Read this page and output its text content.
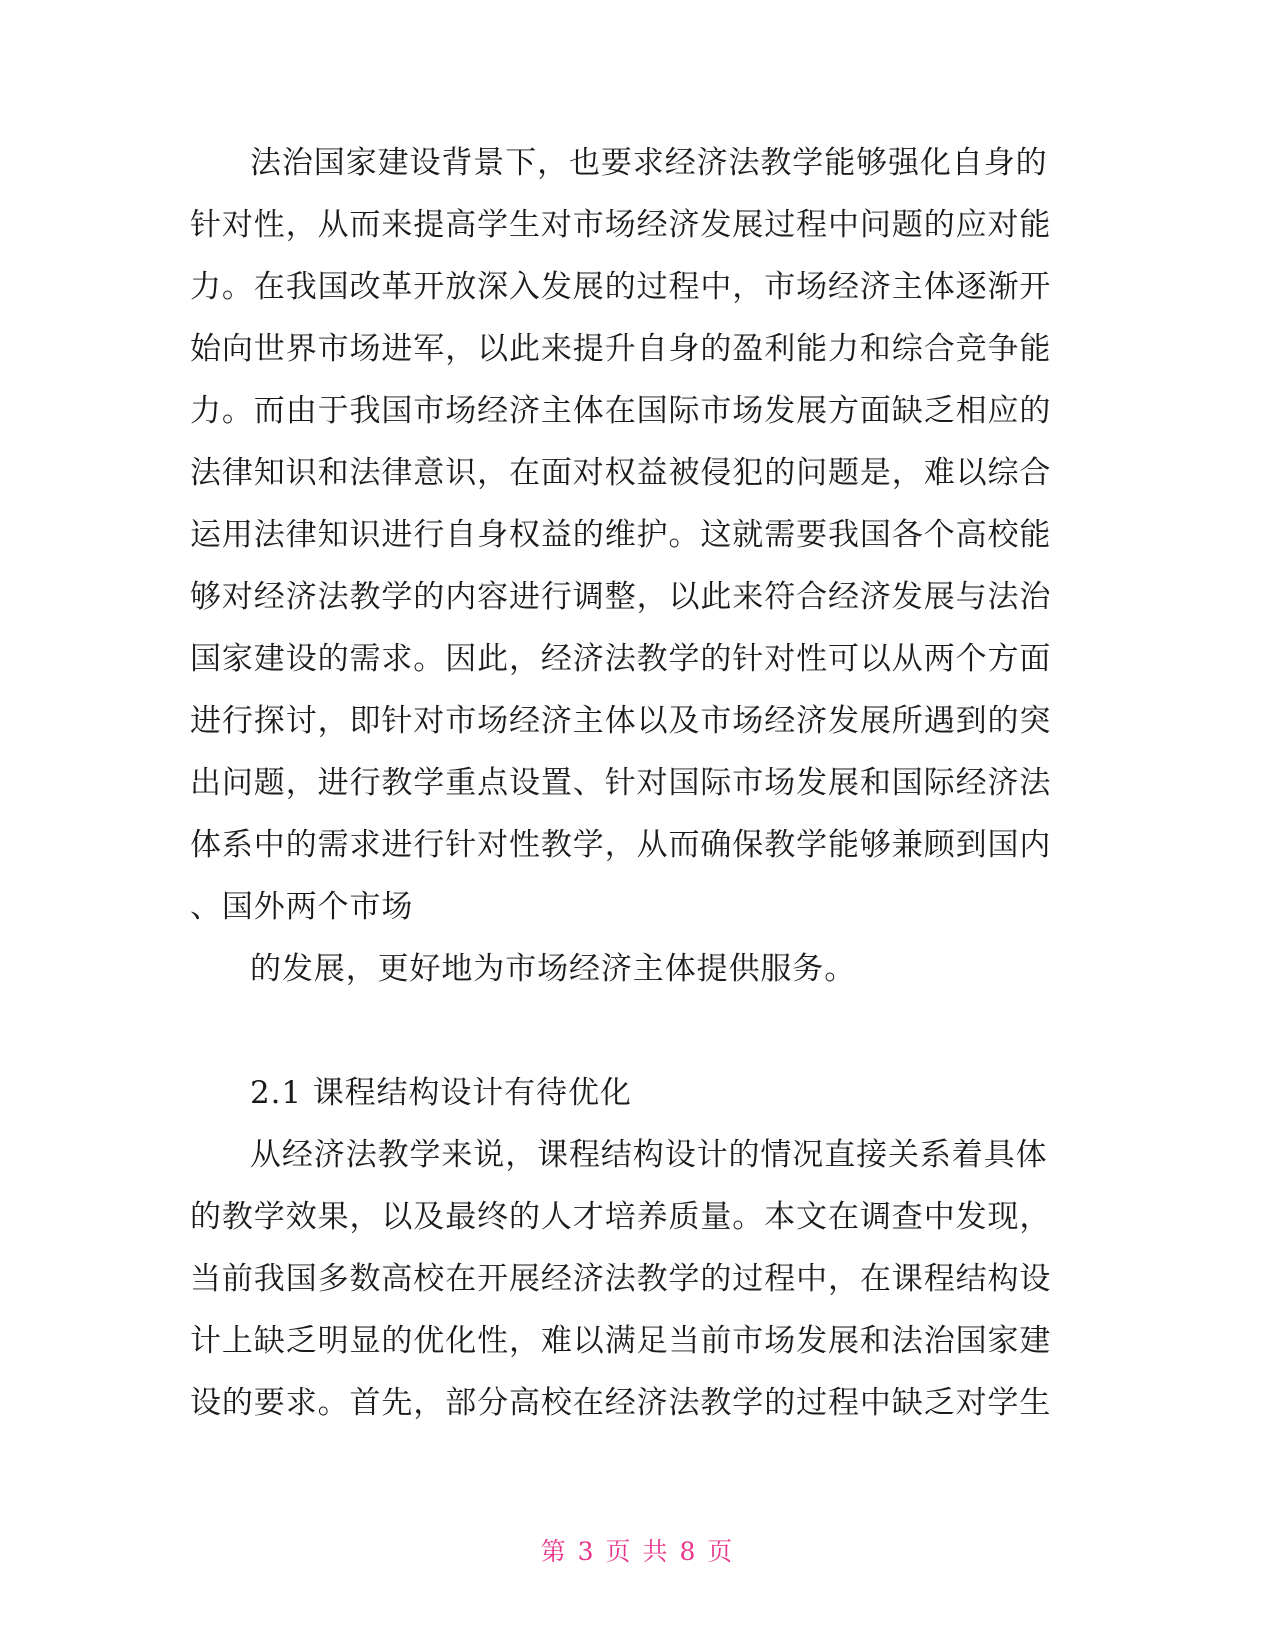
法治国家建设背景下，也要求经济法教学能够强化自身的
针对性，从而来提高学生对市场经济发展过程中问题的应对能
力。在我国改革开放深入发展的过程中，市场经济主体逐渐开
始向世界市场进军，以此来提升自身的盈利能力和综合竞争能
力。而由于我国市场经济主体在国际市场发展方面缺乏相应的
法律知识和法律意识，在面对权益被侵犯的问题是，难以综合
运用法律知识进行自身权益的维护。这就需要我国各个高校能
够对经济法教学的内容进行调整，以此来符合经济发展与法治
国家建设的需求。因此，经济法教学的针对性可以从两个方面
进行探讨，即针对市场经济主体以及市场经济发展所遇到的突
出问题，进行教学重点设置、针对国际市场发展和国际经济法
体系中的需求进行针对性教学，从而确保教学能够兼顾到国内
、国外两个市场
的发展，更好地为市场经济主体提供服务。
2.1 课程结构设计有待优化
从经济法教学来说，课程结构设计的情况直接关系着具体
的教学效果，以及最终的人才培养质量。本文在调查中发现，
当前我国多数高校在开展经济法教学的过程中，在课程结构设
计上缺乏明显的优化性，难以满足当前市场发展和法治国家建
设的要求。首先，部分高校在经济法教学的过程中缺乏对学生
第 3 页 共 8 页
